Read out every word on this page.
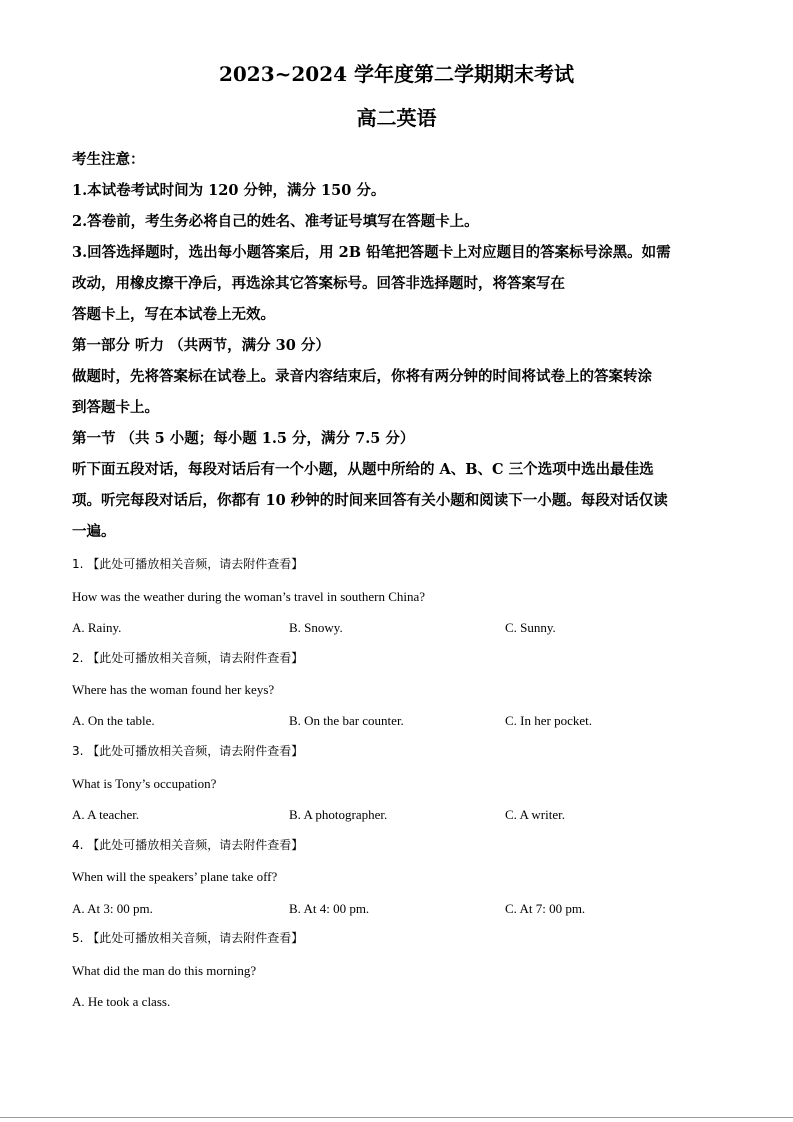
2023~2024 学年度第二学期期末考试
高二英语
考生注意：
1.本试卷考试时间为 120 分钟，满分 150 分。
2.答卷前，考生务必将自己的姓名、准考证号填写在答题卡上。
3.回答选择题时，选出每小题答案后，用 2B 铅笔把答题卡上对应题目的答案标号涂黑。如需
改动，用橡皮擦干净后，再选涂其它答案标号。回答非选择题时，将答案写在
答题卡上，写在本试卷上无效。
第一部分 听力 （共两节，满分 30 分）
做题时，先将答案标在试卷上。录音内容结束后，你将有两分钟的时间将试卷上的答案转涂
到答题卡上。
第一节 （共 5 小题；每小题 1.5 分，满分 7.5 分）
听下面五段对话，每段对话后有一个小题，从题中所给的 A、B、C 三个选项中选出最佳选
项。听完每段对话后，你都有 10 秒钟的时间来回答有关小题和阅读下一小题。每段对话仅读
一遍。
1. 【此处可播放相关音频，请去附件查看】
How was the weather during the woman’s travel in southern China?
A. Rainy.	B. Snowy.	C. Sunny.
2. 【此处可播放相关音频，请去附件查看】
Where has the woman found her keys?
A. On the table.	B. On the bar counter.	C. In her pocket.
3. 【此处可播放相关音频，请去附件查看】
What is Tony’s occupation?
A. A teacher.	B. A photographer.	C. A writer.
4. 【此处可播放相关音频，请去附件查看】
When will the speakers’ plane take off?
A. At 3: 00 pm.	B. At 4: 00 pm.	C. At 7: 00 pm.
5. 【此处可播放相关音频，请去附件查看】
What did the man do this morning?
A. He took a class.
